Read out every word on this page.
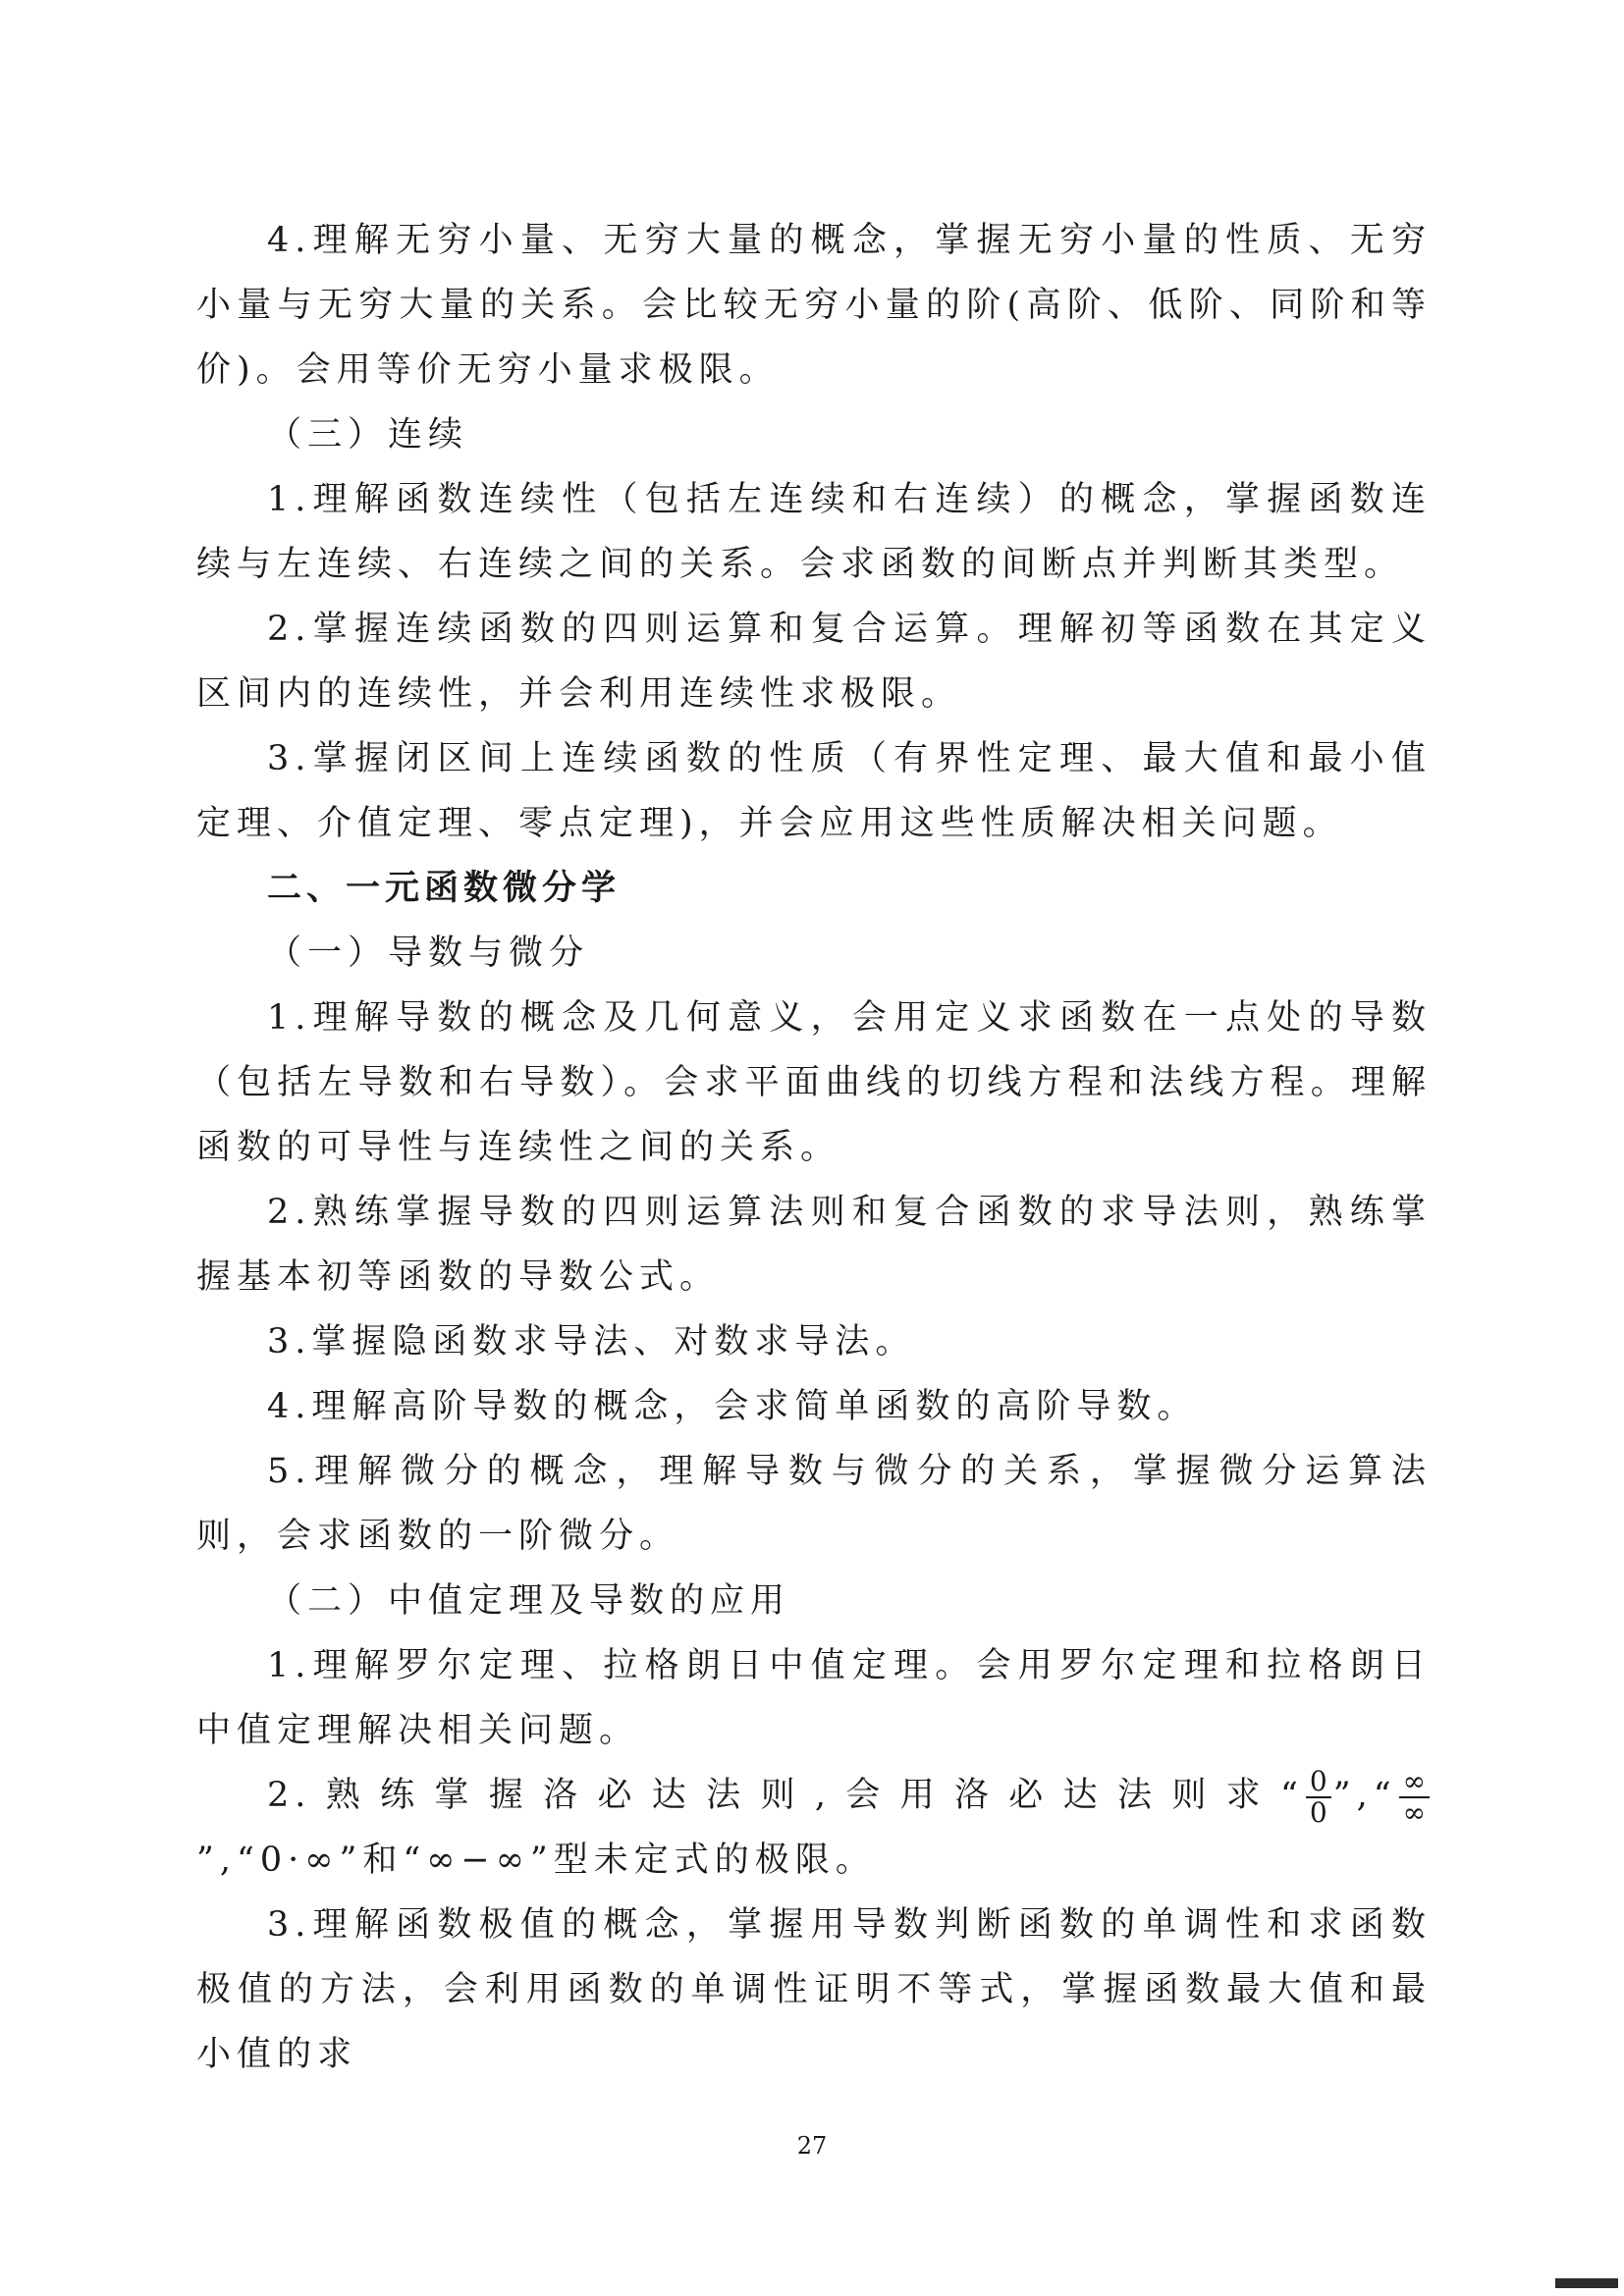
4.理解无穷小量、无穷大量的概念，掌握无穷小量的性质、无穷小量与无穷大量的关系。会比较无穷小量的阶(高阶、低阶、同阶和等价)。会用等价无穷小量求极限。

（三）连续

1.理解函数连续性（包括左连续和右连续）的概念，掌握函数连续与左连续、右连续之间的关系。会求函数的间断点并判断其类型。

2.掌握连续函数的四则运算和复合运算。理解初等函数在其定义区间内的连续性，并会利用连续性求极限。

3.掌握闭区间上连续函数的性质（有界性定理、最大值和最小值定理、介值定理、零点定理)，并会应用这些性质解决相关问题。

二、一元函数微分学

（一）导数与微分

1.理解导数的概念及几何意义，会用定义求函数在一点处的导数（包括左导数和右导数）。会求平面曲线的切线方程和法线方程。理解函数的可导性与连续性之间的关系。

2.熟练掌握导数的四则运算法则和复合函数的求导法则，熟练掌握基本初等函数的导数公式。

3.掌握隐函数求导法、对数求导法。

4.理解高阶导数的概念，会求简单函数的高阶导数。

5.理解微分的概念，理解导数与微分的关系，掌握微分运算法则，会求函数的一阶微分。

（二）中值定理及导数的应用

1.理解罗尔定理、拉格朗日中值定理。会用罗尔定理和拉格朗日中值定理解决相关问题。

2.熟练掌握洛必达法则,会用洛必达法则求“ $\frac{0}{0}$ ”,“ $\frac{\infty}{\infty}$
”,“0·∞”和“∞−∞”型未定式的极限。

3.理解函数极值的概念，掌握用导数判断函数的单调性和求函数极值的方法，会利用函数的单调性证明不等式，掌握函数最大值和最小值的求

27
